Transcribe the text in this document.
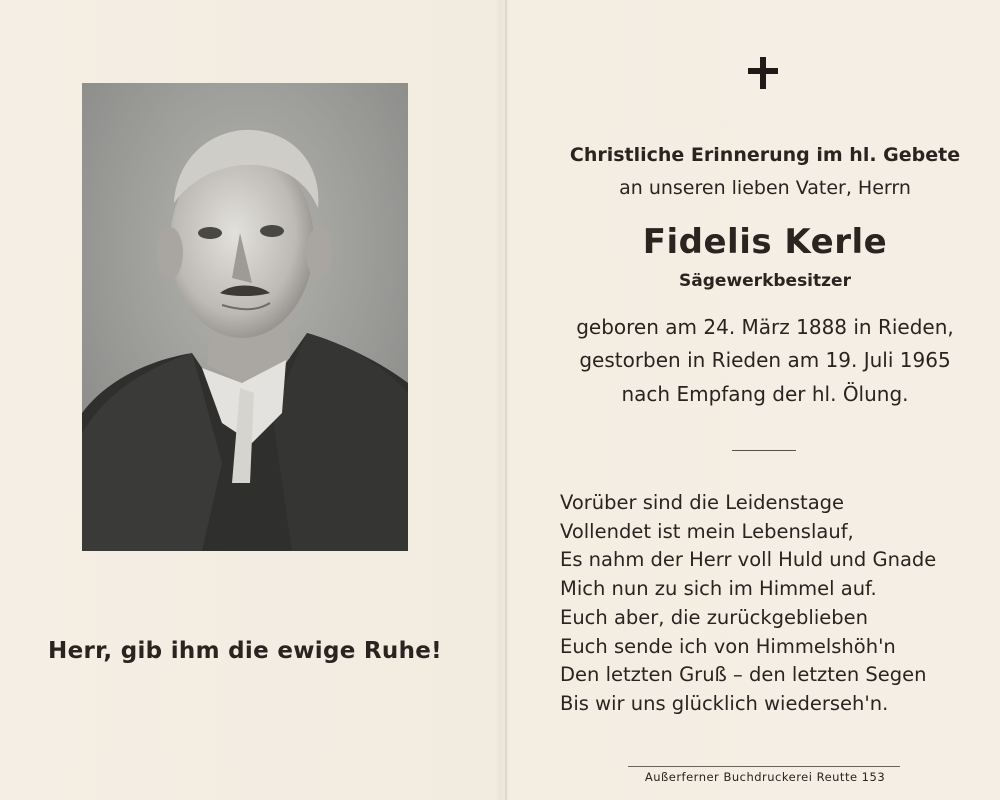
Herr, gib ihm die ewige Ruhe!
Christliche Erinnerung im hl. Gebete
an unseren lieben Vater, Herrn
Fidelis Kerle
Sägewerkbesitzer
geboren am 24. März 1888 in Rieden,
gestorben in Rieden am 19. Juli 1965
nach Empfang der hl. Ölung.
Vorüber sind die Leidenstage
Vollendet ist mein Lebenslauf,
Es nahm der Herr voll Huld und Gnade
Mich nun zu sich im Himmel auf.
Euch aber, die zurückgeblieben
Euch sende ich von Himmelshöh'n
Den letzten Gruß – den letzten Segen
Bis wir uns glücklich wiederseh'n.
Außerferner Buchdruckerei Reutte 153
